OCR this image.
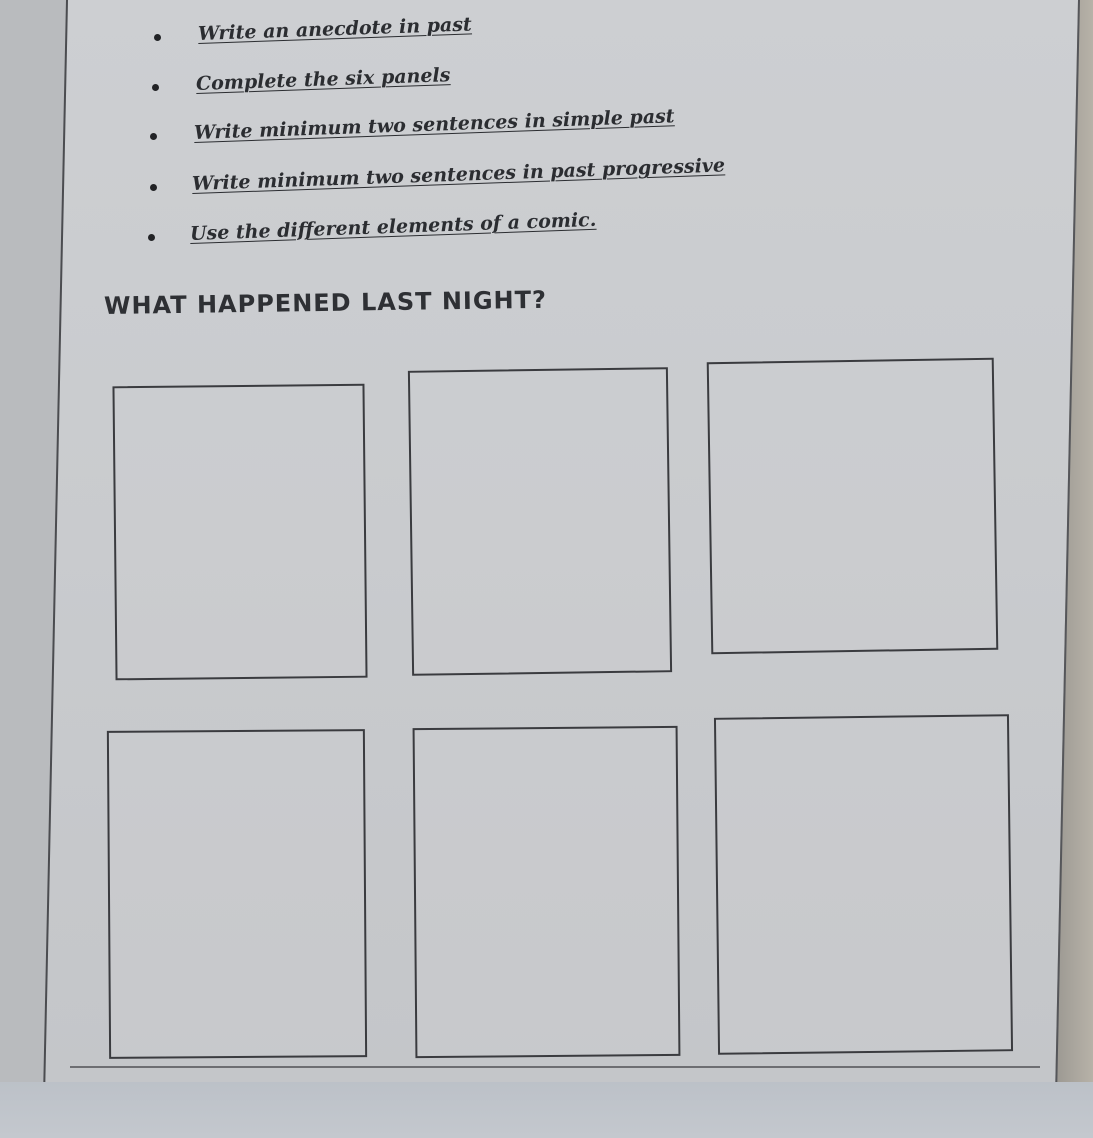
Write an anecdote in past
Complete the six panels
Write minimum two sentences in simple past
Write minimum two sentences in past progressive
Use the different elements of a comic.
WHAT HAPPENED LAST NIGHT?
